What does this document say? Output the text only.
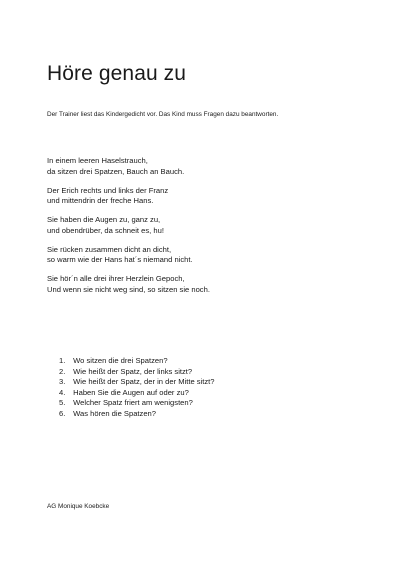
Höre genau zu

Der Trainer liest das Kindergedicht vor. Das Kind muss Fragen dazu beantworten.

In einem leeren Haselstrauch,
da sitzen drei Spatzen, Bauch an Bauch.
Der Erich rechts und links der Franz
und mittendrin der freche Hans.
Sie haben die Augen zu, ganz zu,
und obendrüber, da schneit es, hu!
Sie rücken zusammen dicht an dicht,
so warm wie der Hans hat´s niemand nicht.
Sie hör´n alle drei ihrer Herzlein Gepoch,
Und wenn sie nicht weg sind, so sitzen sie noch.
1. Wo sitzen die drei Spatzen?
2. Wie heißt der Spatz, der links sitzt?
3. Wie heißt der Spatz, der in der Mitte sitzt?
4. Haben Sie die Augen auf oder zu?
5. Welcher Spatz friert am wenigsten?
6. Was hören die Spatzen?

AG Monique Koebcke
